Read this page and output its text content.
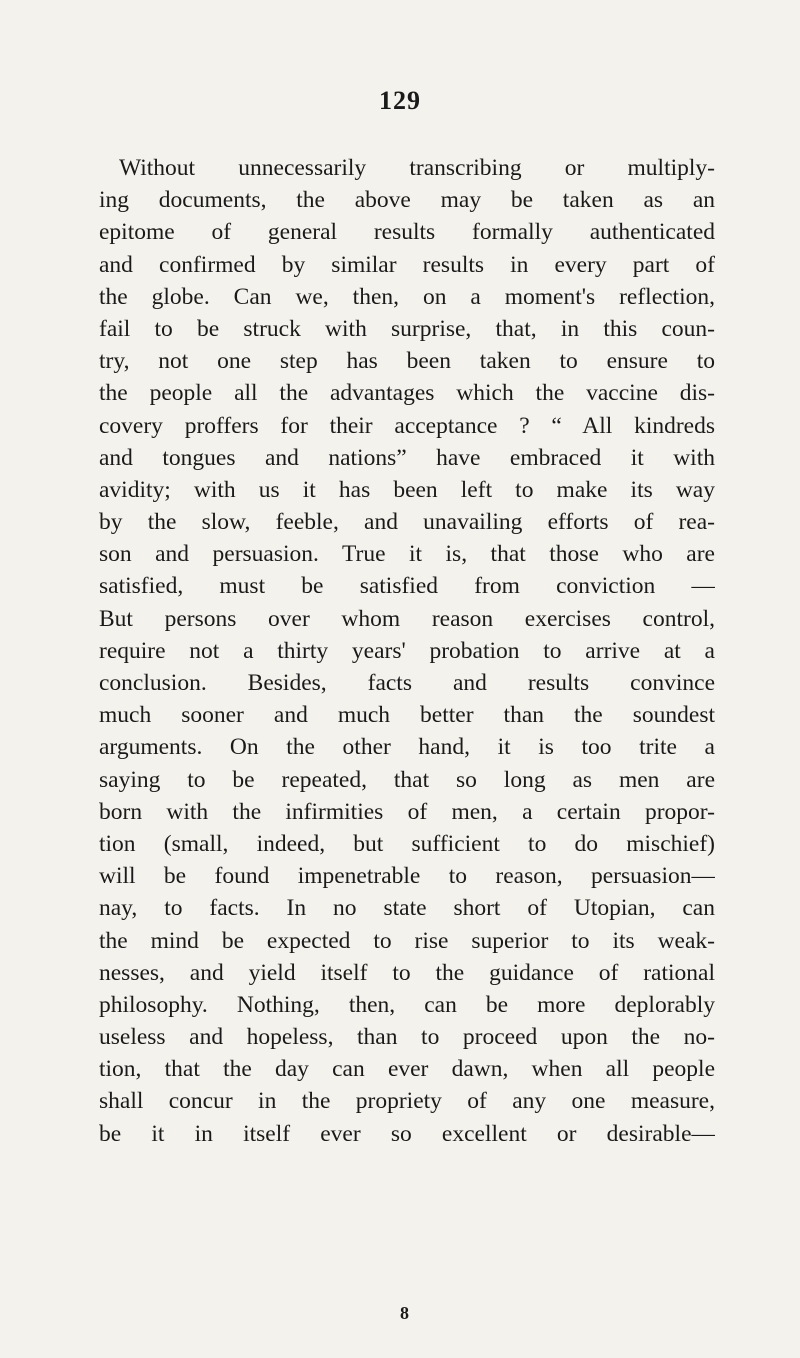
129
Without unnecessarily transcribing or multiply-
ing documents, the above may be taken as an
epitome of general results formally authenticated
and confirmed by similar results in every part of
the globe. Can we, then, on a moment's reflection,
fail to be struck with surprise, that, in this coun-
try, not one step has been taken to ensure to
the people all the advantages which the vaccine dis-
covery proffers for their acceptance ? “ All kindreds
and tongues and nations” have embraced it with
avidity; with us it has been left to make its way
by the slow, feeble, and unavailing efforts of rea-
son and persuasion. True it is, that those who are
satisfied, must be satisfied from conviction —
But persons over whom reason exercises control,
require not a thirty years' probation to arrive at a
conclusion. Besides, facts and results convince
much sooner and much better than the soundest
arguments. On the other hand, it is too trite a
saying to be repeated, that so long as men are
born with the infirmities of men, a certain propor-
tion (small, indeed, but sufficient to do mischief)
will be found impenetrable to reason, persuasion—
nay, to facts. In no state short of Utopian, can
the mind be expected to rise superior to its weak-
nesses, and yield itself to the guidance of rational
philosophy. Nothing, then, can be more deplorably
useless and hopeless, than to proceed upon the no-
tion, that the day can ever dawn, when all people
shall concur in the propriety of any one measure,
be it in itself ever so excellent or desirable—
8
